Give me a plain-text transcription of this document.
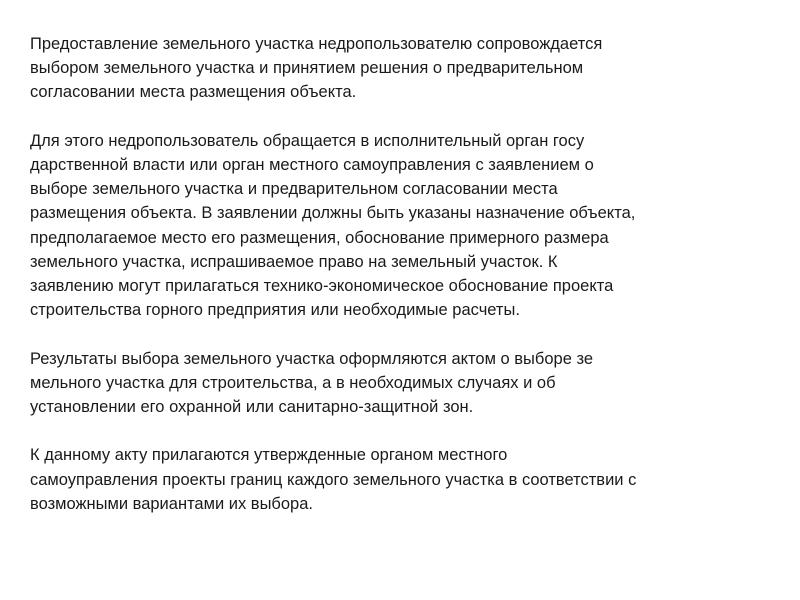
Предоставление земельного участка недропользователю сопровождается
выбором земельного участка и принятием решения о предварительном
согласовании места размещения объекта.

Для этого недропользователь обращается в исполнительный орган госу
дарственной власти или орган местного самоуправления с заявлением о
выборе земельного участка и предварительном согласовании места
размещения объекта. В заявлении должны быть указаны назначение объекта,
предполагаемое место его размещения, обоснование примерного размера
земельного участка, испрашиваемое право на земельный участок. К
заявлению могут прилагаться технико-экономическое обоснование проекта
строительства горного предприятия или необходимые расчеты.

Результаты выбора земельного участка оформляются актом о выборе зе
мельного участка для строительства, а в необходимых случаях и об
установлении его охранной или санитарно-защитной зон.

К данному акту прилагаются утвержденные органом местного
самоуправления проекты границ каждого земельного участка в соответствии с
возможными вариантами их выбора.
